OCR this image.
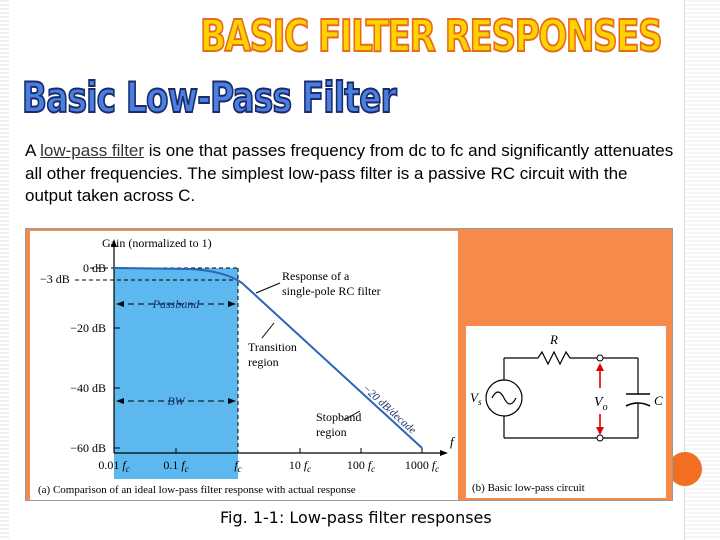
BASIC FILTER RESPONSES
Basic Low-Pass Filter
A low-pass filter is one that passes frequency from dc to fc and significantly attenuates all other frequencies. The simplest low-pass filter is a passive RC circuit with the output taken across C.
Gain (normalized to 1)
−3 dB
0 dB
−20 dB
−40 dB
−60 dB
Passband
BW
Response of a
single-pole RC filter
Transition
region
Stopband
region −20 dB/decade
0.01 $f_c$	0.1 $f_c$	$f_c$	10 $f_c$	100 $f_c$ 1000 $f_c$
f
(a) Comparison of an ideal low-pass filter response with actual response
R
$V_s$	C
$V_o$
(b) Basic low-pass circuit
Fig. 1-1: Low-pass filter responses
